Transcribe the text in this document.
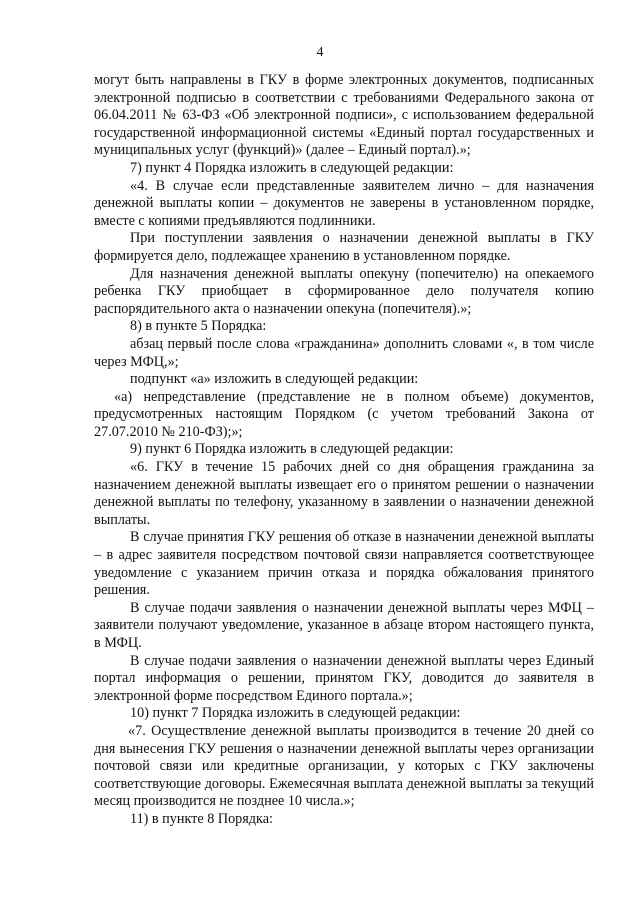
4

могут быть направлены в ГКУ в форме электронных документов, подписанных электронной подписью в соответствии с требованиями Федерального закона от 06.04.2011 № 63-ФЗ «Об электронной подписи», с использованием федеральной государственной информационной системы «Единый портал государственных и муниципальных услуг (функций)» (далее – Единый портал).»;

7) пункт 4 Порядка изложить в следующей редакции:

«4. В случае если представленные заявителем лично – для назначения денежной выплаты копии – документов не заверены в установленном порядке, вместе с копиями предъявляются подлинники.

При поступлении заявления о назначении денежной выплаты в ГКУ формируется дело, подлежащее хранению в установленном порядке.

Для назначения денежной выплаты опекуну (попечителю) на опекаемого ребенка ГКУ приобщает в сформированное дело получателя копию распорядительного акта о назначении опекуна (попечителя).»;

8) в пункте 5 Порядка:

абзац первый после слова «гражданина» дополнить словами «, в том числе через МФЦ,»;

подпункт «а» изложить в следующей редакции:

«а) непредставление (представление не в полном объеме) документов, предусмотренных настоящим Порядком (с учетом требований Закона от 27.07.2010 № 210-ФЗ);»;

9) пункт 6 Порядка изложить в следующей редакции:

«6. ГКУ в течение 15 рабочих дней со дня обращения гражданина за назначением денежной выплаты извещает его о принятом решении о назначении денежной выплаты по телефону, указанному в заявлении о назначении денежной выплаты.

В случае принятия ГКУ решения об отказе в назначении денежной выплаты – в адрес заявителя посредством почтовой связи направляется соответствующее уведомление с указанием причин отказа и порядка обжалования принятого решения.

В случае подачи заявления о назначении денежной выплаты через МФЦ – заявители получают уведомление, указанное в абзаце втором настоящего пункта, в МФЦ.

В случае подачи заявления о назначении денежной выплаты через Единый портал информация о решении, принятом ГКУ, доводится до заявителя в электронной форме посредством Единого портала.»;

10) пункт 7 Порядка изложить в следующей редакции:

«7. Осуществление денежной выплаты производится в течение 20 дней со дня вынесения ГКУ решения о назначении денежной выплаты через организации почтовой связи или кредитные организации, у которых с ГКУ заключены соответствующие договоры. Ежемесячная выплата денежной выплаты за текущий месяц производится не позднее 10 числа.»;

11) в пункте 8 Порядка:
